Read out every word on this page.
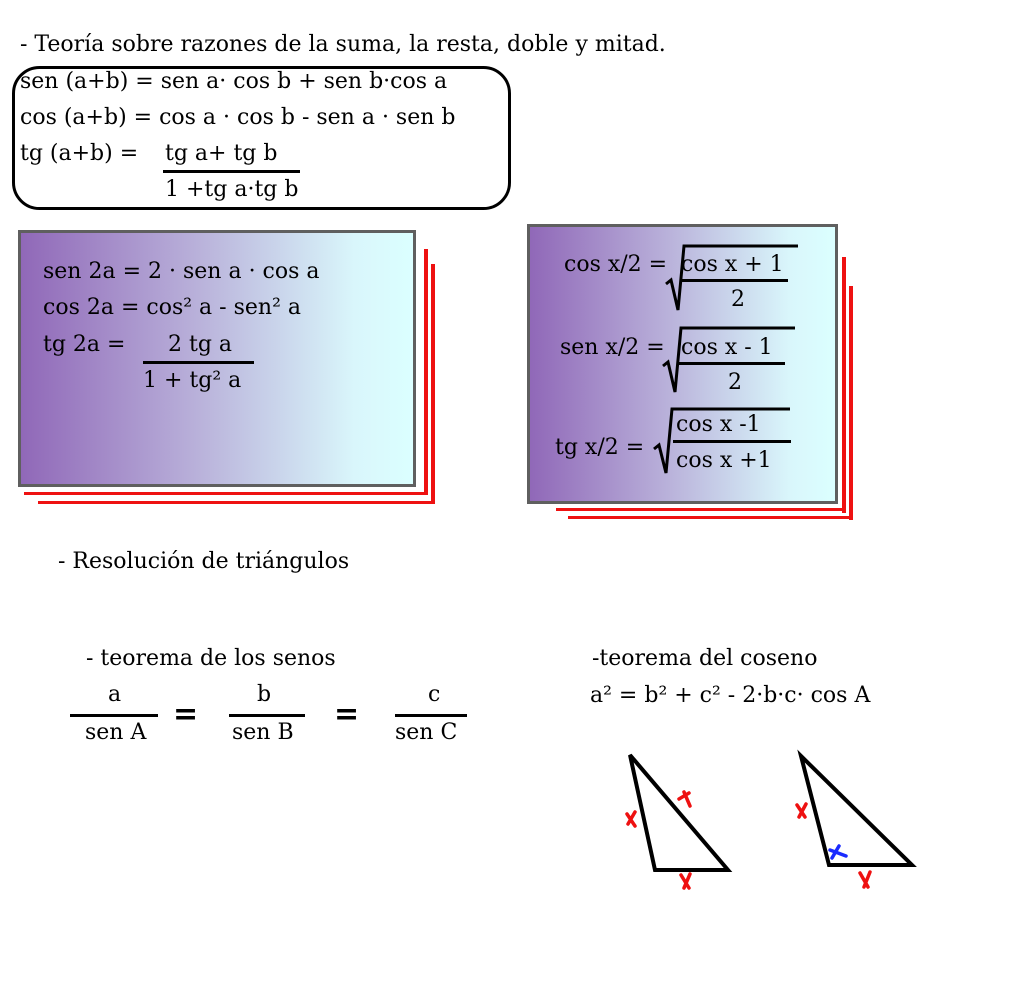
- Teoría sobre razones de la suma, la resta, doble y mitad.
sen (a+b) = sen a· cos b + sen b·cos a
cos (a+b) = cos a · cos b - sen a · sen b
tg (a+b) = tg a+ tg b
1 +tg a·tg b
sen 2a = 2 · sen a · cos a
cos 2a = cos² a - sen² a
tg 2a = 2 tg a
1 + tg² a
cos x/2 = cos x + 1
2
sen x/2 = cos x - 1
2
tg x/2 =
cos x -1
cos x +1
- Resolución de triángulos
- teorema de los senos
a
sen A
=
b
sen B
=
c
sen C
-teorema del coseno
a² = b² + c² - 2·b·c· cos A
